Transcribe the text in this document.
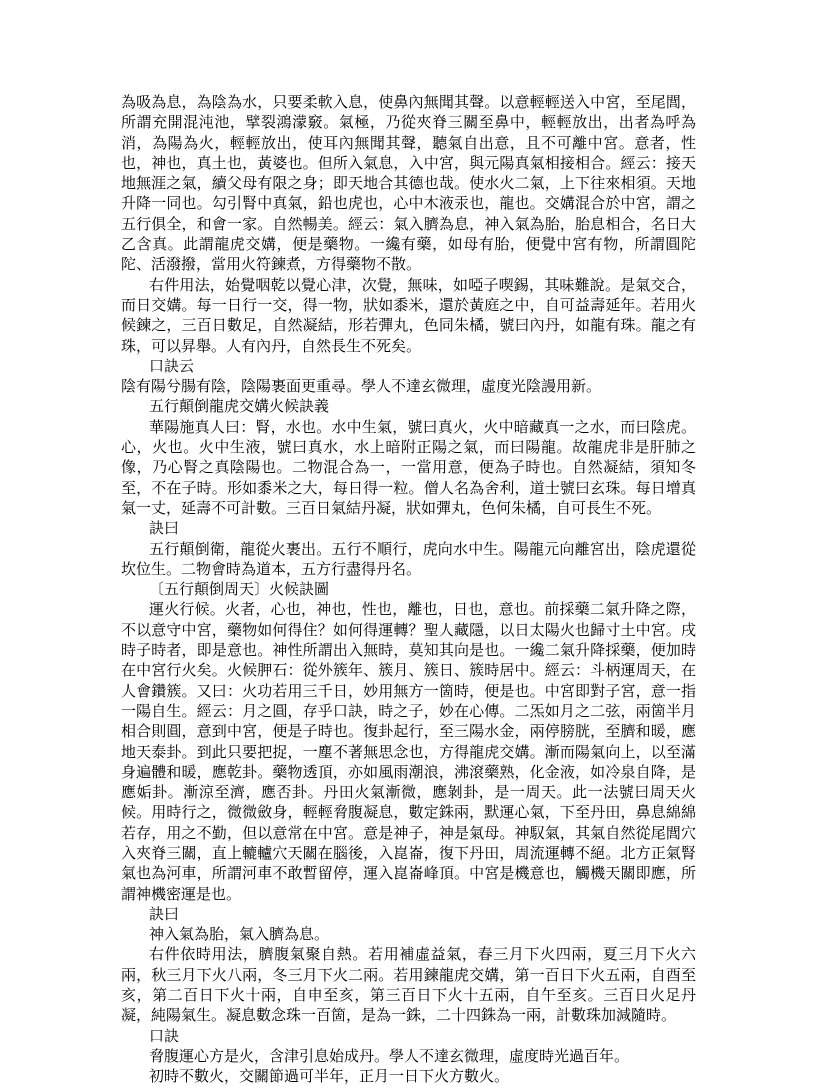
為吸為息，為陰為水，只要柔軟入息，使鼻內無聞其聲。以意輕輕送入中宮，至尾閭，所謂充開混沌池，擘裂鴻濛竅。氣極，乃從夾脊三關至鼻中，輕輕放出，出者為呼為消，為陽為火，輕輕放出，使耳內無聞其聲，聽氣自出意，且不可離中宮。意者，性也，神也，真土也，黃婆也。但所入氣息，入中宮，與元陽真氣相接相合。經云：接天地無涯之氣，續父母有限之身；即天地合其德也哉。使水火二氣，上下往來相須。天地升降一同也。勾引腎中真氣，鉛也虎也，心中木液汞也，龍也。交媾混合於中宮，謂之五行俱全，和會一家。自然暢美。經云：氣入臍為息，神入氣為胎，胎息相合，名日大乙含真。此謂龍虎交媾，便是藥物。一纔有藥，如母有胎，便覺中宮有物，所謂圓陀陀、活潑撥，當用火符鍊煮，方得藥物不散。

右件用法，始覺咽乾以覺心津，次覺，無味，如啞子喫錫，其味難說。是氣交合，而日交媾。每一日行一交，得一物，狀如黍米，還於黃庭之中，自可益壽延年。若用火候鍊之，三百日數足，自然凝結，形若彈丸，色同朱橘，號曰內丹，如龍有珠。龍之有珠，可以昇舉。人有內丹，自然長生不死矣。

口訣云

陰有陽兮腸有陰，陰陽裹面更重尋。學人不達玄微理，虛度光陰謾用新。

五行顛倒龍虎交媾火候訣義

華陽施真人曰：腎，水也。水中生氣，號曰真火，火中暗藏真一之水，而曰陰虎。心，火也。火中生液，號曰真水，水上暗附正陽之氣，而曰陽龍。故龍虎非是肝肺之像，乃心腎之真陰陽也。二物混合為一，一當用意，便為子時也。自然凝結，須知冬至，不在子時。形如黍米之大，每日得一粒。僧人名為舍利，道士號曰玄珠。每日增真氣一丈，延壽不可計數。三百日氣結丹凝，狀如彈丸，色何朱橘，自可長生不死。

訣曰

五行顛倒衛，龍從火裹出。五行不順行，虎向水中生。陽龍元向離宮出，陰虎還從坎位生。二物會時為道本，五方行盡得丹名。

〔五行顛倒周天〕火候訣圖

運火行候。火者，心也，神也，性也，離也，日也，意也。前採藥二氣升降之際，不以意守中宮，藥物如何得住？如何得運轉？聖人藏隱，以日太陽火也歸寸土中宮。戌時子時者，即是意也。神性所謂出入無時，莫知其向是也。一纔二氣升降採藥，便加時在中宮行火矣。火候胛石：從外簇年、簇月、簇日、簇時居中。經云：斗柄運周天，在人會鑽簇。又曰：火功若用三千日，妙用無方一箇時，便是也。中宮即對子宮，意一指一陽自生。經云：月之圓，存乎口訣，時之子，妙在心傳。二炁如月之二弦，兩箇半月相合則圓，意到中宮，便是子時也。復卦起行，至三陽水金，兩停膀胱，至臍和暖，應地天泰卦。到此只要把捉，一塵不著無思念也，方得龍虎交媾。漸而陽氣向上，以至滿身遍體和暖，應乾卦。藥物透頂，亦如風雨潮浪，沸滾藥熟，化金液，如冷泉自降，是應姤卦。漸涼至濟，應否卦。丹田火氣漸微，應剝卦，是一周天。此一法號曰周天火候。用時行之，微微斂身，輕輕脅腹凝息，數定銖兩，默運心氣，下至丹田，鼻息綿綿若存，用之不勤，但以意常在中宮。意是神子，神是氣母。神馭氣，其氣自然從尾閭穴入夾脊三關，直上轆轤穴天關在腦後，入崑崙，復下丹田，周流運轉不絕。北方正氣腎氣也為河車，所謂河車不敢暫留停，運入崑崙峰頂。中宮是機意也，觸機天關即應，所謂神機密運是也。

訣曰

神入氣為胎，氣入臍為息。

右件依時用法，臍腹氣聚自熱。若用補虛益氣，春三月下火四兩，夏三月下火六兩，秋三月下火八兩，冬三月下火二兩。若用鍊龍虎交媾，第一百日下火五兩，自酉至亥，第二百日下火十兩，自申至亥，第三百日下火十五兩，自午至亥。三百日火足丹凝，純陽氣生。凝息數念珠一百箇，是為一銖，二十四銖為一兩，計數珠加減隨時。

口訣

脅腹運心方是火，含津引息始成丹。學人不達玄微理，虛度時光過百年。

初時不數火，交關節過可半年，正月一日下火方數火。
